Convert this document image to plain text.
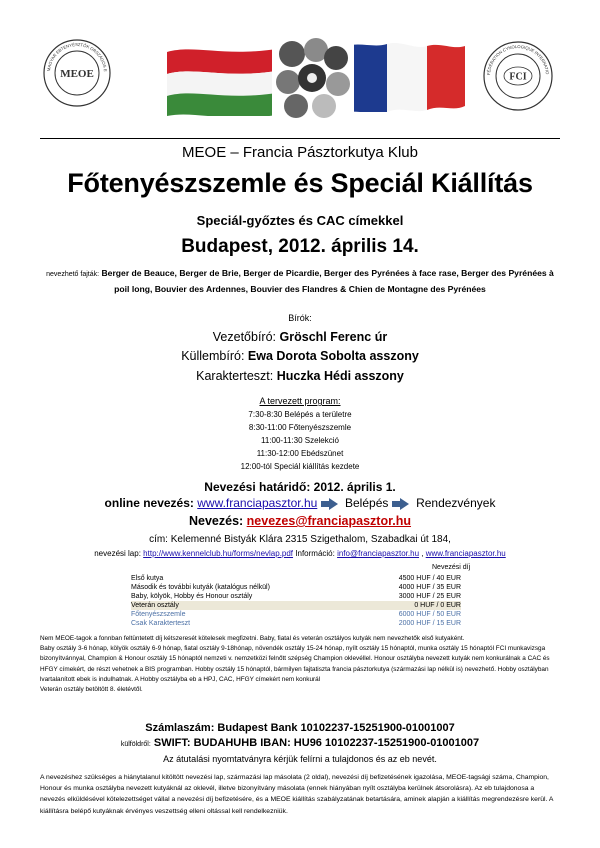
MEOE
MAGYAR EBTENYÉSZTŐK ORSZÁGOS E
FCI
FÉDÉRATION CYNOLOGIQUE INTERNATIO
MEOE – Francia Pásztorkutya Klub
Főtenyészszemle és Speciál Kiállítás
Speciál-győztes és CAC címekkel
Budapest, 2012. április 14.
nevezhető fajták: Berger de Beauce, Berger de Brie, Berger de Picardie, Berger des Pyrénées à face rase, Berger des Pyrénées à poil long, Bouvier des Ardennes, Bouvier des Flandres & Chien de Montagne des Pyrénées
Bírók:
Vezetőbíró: Gröschl Ferenc úr
Küllembíró: Ewa Dorota Sobolta asszony
Karakterteszt: Huczka Hédi asszony
A tervezett program:
7:30-8:30 Belépés a területre
8:30-11:00 Főtenyészszemle
11:00-11:30 Szelekció
11:30-12:00 Ebédszünet
12:00-tól Speciál kiállítás kezdete
Nevezési határidő: 2012. április 1.
online nevezés: www.franciapasztor.hu Belépés Rendezvények
Nevezés: nevezes@franciapasztor.hu
cím: Kelemenné Bistyák Klára 2315 Szigethalom, Szabadkai út 184,
nevezési lap: http://www.kennelclub.hu/forms/nevlap.pdf Információ: info@franciapasztor.hu , www.franciapasztor.hu
Nevezési díj
Első kutya	4500 HUF / 40 EUR
Második és további kutyák (katalógus nélkül)	4000 HUF / 35 EUR
Baby, kölyök, Hobby és Honour osztály	3000 HUF / 25 EUR
Veterán osztály	0 HUF / 0 EUR
Főtenyészszemle	6000 HUF / 50 EUR
Csak Karakterteszt	2000 HUF / 15 EUR
Nem MEOE-tagok a fonnban feltüntetett díj kétszeresét kötelesek megfizetni. Baby, fiatal és veterán osztályos kutyák nem nevezhetők első kutyaként.
Baby osztály 3-6 hónap, kölyök osztály 6-9 hónap, fiatal osztály 9-18hónap, növendék osztály 15-24 hónap, nyílt osztály 15 hónaptól, munka osztály 15 hónaptól FCI munkavizsga bizonyítvánnyal, Champion & Honour osztály 15 hónaptól nemzeti v. nemzetközi felnőtt szépség Champion oklevéllel. Honour osztályba nevezett kutyák nem konkurálnak a CAC és HFGY címekért, de részt vehetnek a BIS programban. Hobby osztály 15 hónaptól, bármilyen fajtatiszta francia pásztorkutya (származási lap nélkül is) nevezhető. Hobby osztályban lvartalanított ebek is indulhatnak. A Hobby osztályba eb a HPJ, CAC, HFGY címekért nem konkurál
Veterán osztály betöltött 8. életévtől.
Számlaszám: Budapest Bank 10102237-15251900-01001007
külföldről: SWIFT: BUDAHUHB IBAN: HU96 10102237-15251900-01001007
Az átutalási nyomtatványra kérjük felírni a tulajdonos és az eb nevét.
A nevezéshez szükséges a hiánytalanul kitöltött nevezési lap, származási lap másolata (2 oldal), nevezési díj befizetésének igazolása, MEOE-tagsági száma, Champion, Honour és munka osztályba nevezett kutyáknál az oklevél, illetve bizonyítvány másolata (ennek hiányában nyílt osztályba kerülnek átsorolásra). Az eb tulajdonosa a nevezés elküldésével kötelezettséget vállal a nevezési díj befizetésére, és a MEOE kiállítás szabályzatának betartására, aminek alapján a kiállítás megrendezésre kerül. A kiállításra belépő kutyáknak érvényes veszettség elleni oltással kell rendelkezniük.
